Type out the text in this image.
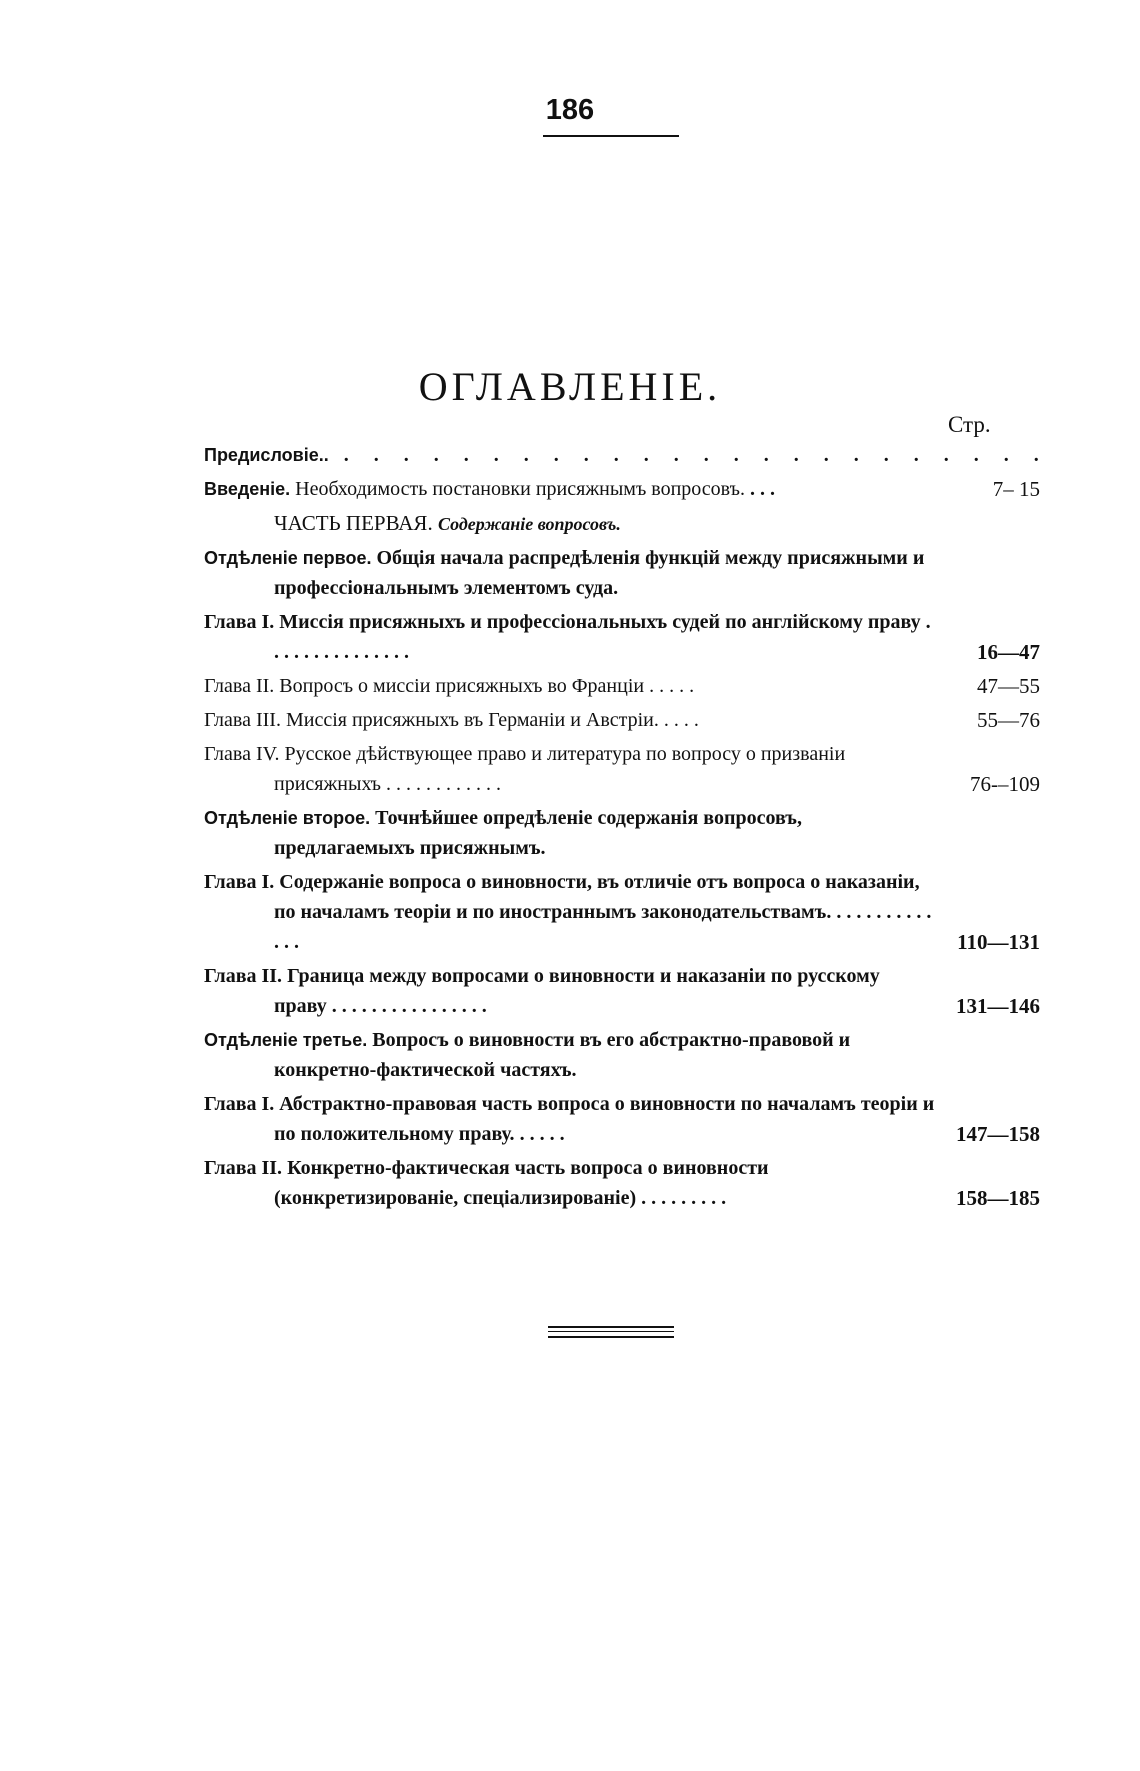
186
ОГЛАВЛЕНІЕ.
Стр.
Предисловіе.. . . . . . . . . . . . . . . . . . . . . . . . .
Введеніе. Необходимость постановки присяжнымъ вопросовъ. . . .	7– 15
ЧАСТЬ ПЕРВАЯ. Содержаніе вопросовъ.
Отдѣленіе первое. Общія начала распредѣленія функцій между присяжными и профессіональнымъ элементомъ суда.
Глава I. Миссія присяжныхъ и профессіональныхъ судей по англійскому праву . . . . . . . . . . . . . . .	16—47
Глава II. Вопросъ о миссіи присяжныхъ во Франціи . . . . .	47—55
Глава III. Миссія присяжныхъ въ Германіи и Австріи. . . . .	55—76
Глава IV. Русское дѣйствующее право и литература по вопросу о призваніи присяжныхъ . . . . . . . . . . . .	76-–109
Отдѣленіе второе. Точнѣйшее опредѣленіе содержанія вопросовъ, предлагаемыхъ присяжнымъ.
Глава I. Содержаніе вопроса о виновности, въ отличіе отъ вопроса о наказаніи, по началамъ теоріи и по иностраннымъ законодательствамъ. . . . . . . . . . . . . .	110—131
Глава II. Граница между вопросами о виновности и наказаніи по русскому праву . . . . . . . . . . . . . . . .	131—146
Отдѣленіе третье. Вопросъ о виновности въ его абстрактно-правовой и конкретно-фактической частяхъ.
Глава I. Абстрактно-правовая часть вопроса о виновности по началамъ теоріи и по положительному праву. . . . . .	147—158
Глава II. Конкретно-фактическая часть вопроса о виновности (конкретизированіе, спеціализированіе) . . . . . . . . .	158—185
